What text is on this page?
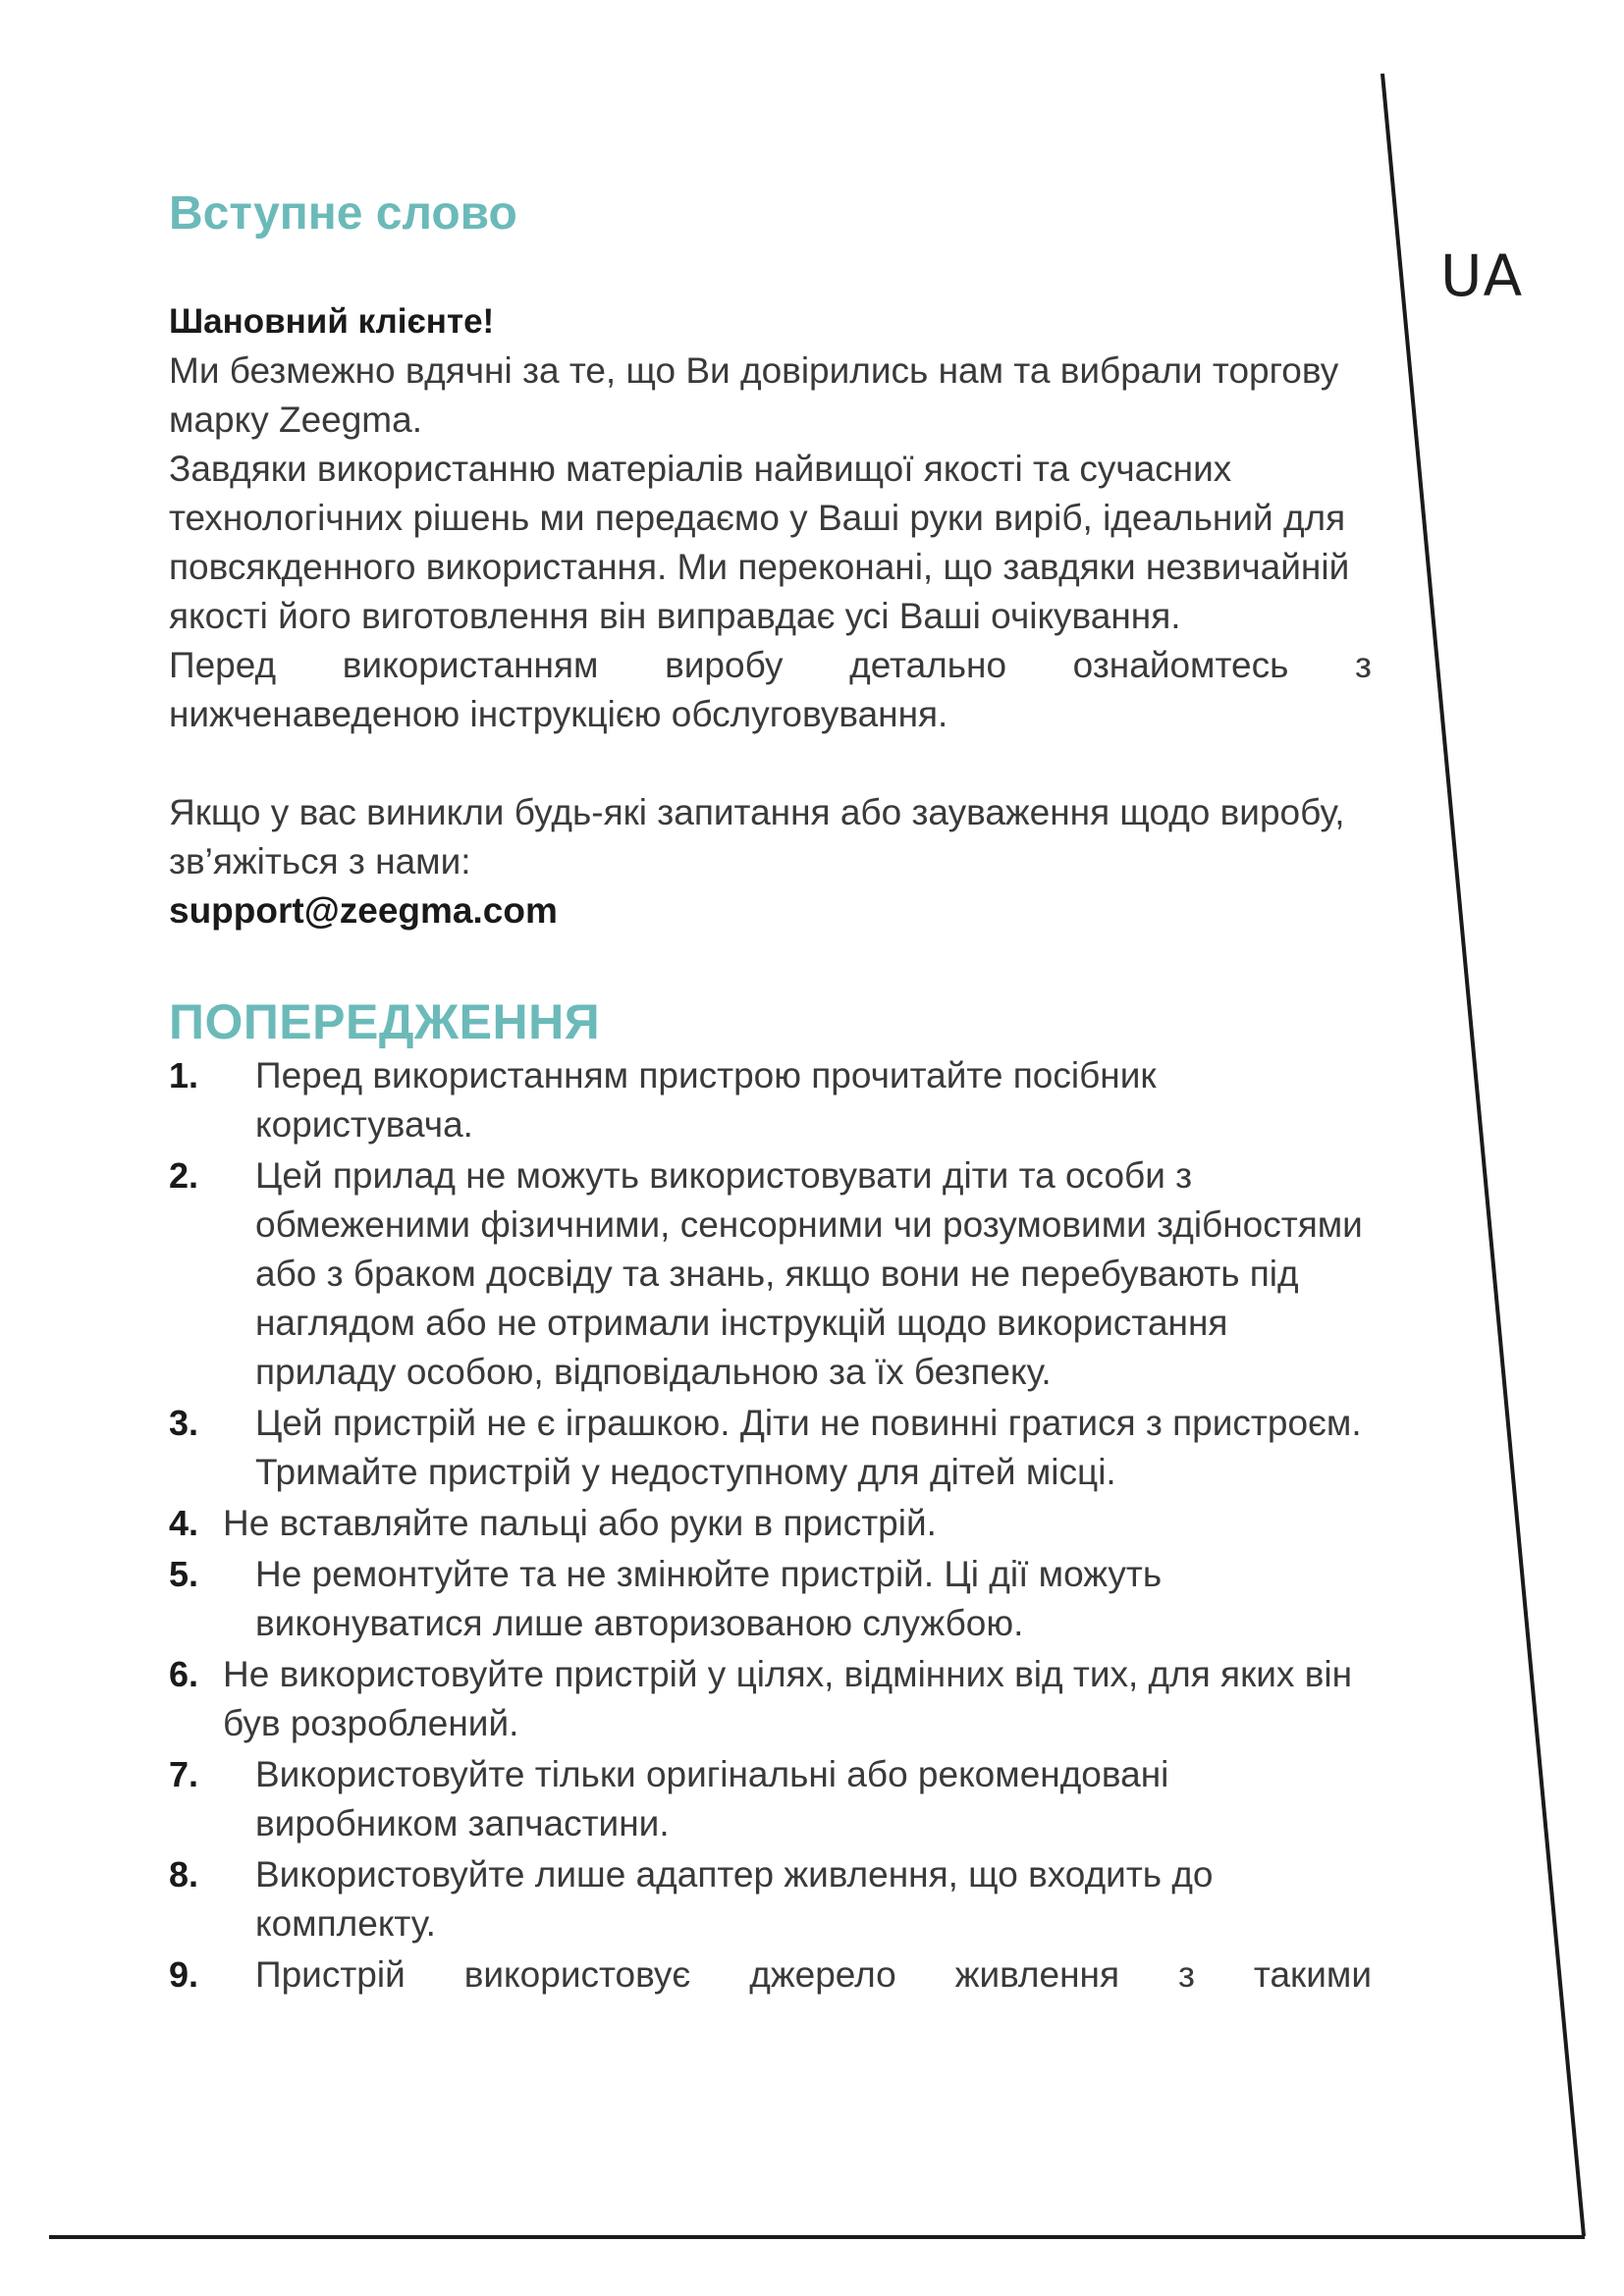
UA
Вступне слово

Шановний клієнте!

Ми безмежно вдячні за те, що Ви довірились нам та вибрали торгову марку Zeegma.

Завдяки використанню матеріалів найвищої якості та сучасних технологічних рішень ми передаємо у Ваші руки виріб, ідеальний для повсякденного використання. Ми переконані, що завдяки незвичайній якості його виготовлення він виправдає усі Ваші очікування.

Перед використанням виробу детально ознайомтесь з нижченаведеною інструкцією обслуговування.

Якщо у вас виникли будь-які запитання або зауваження щодо виробу, зв’яжіться з нами:

support@zeegma.com

ПОПЕРЕДЖЕННЯ
1. Перед використанням пристрою прочитайте посібник користувача.
2. Цей прилад не можуть використовувати діти та особи з обмеженими фізичними, сенсорними чи розумовими здібностями або з браком досвіду та знань, якщо вони не перебувають під наглядом або не отримали інструкцій щодо використання приладу особою, відповідальною за їх безпеку.
3. Цей пристрій не є іграшкою. Діти не повинні гратися з пристроєм. Тримайте пристрій у недоступному для дітей місці.
4. Не вставляйте пальці або руки в пристрій.
5. Не ремонтуйте та не змінюйте пристрій. Ці дії можуть виконуватися лише авторизованою службою.
6. Не використовуйте пристрій у цілях, відмінних від тих, для яких він був розроблений.
7. Використовуйте тільки оригінальні або рекомендовані виробником запчастини.
8. Використовуйте лише адаптер живлення, що входить до комплекту.
9. Пристрій використовує джерело живлення з такими
